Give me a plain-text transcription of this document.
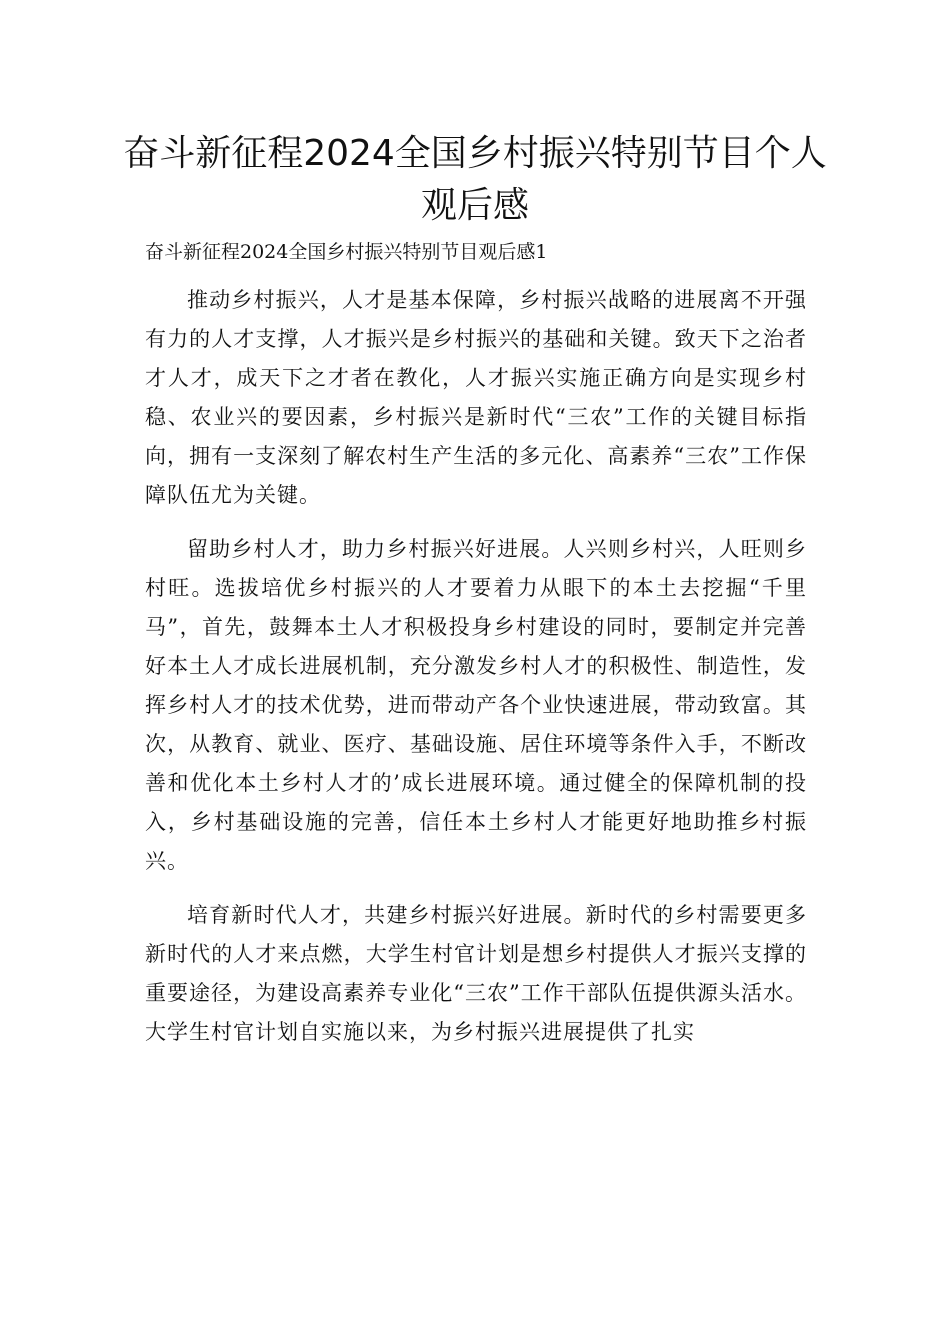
奋斗新征程2024全国乡村振兴特别节目个人观后感
奋斗新征程2024全国乡村振兴特别节目观后感1

推动乡村振兴，人才是基本保障，乡村振兴战略的进展离不开强有力的人才支撑，人才振兴是乡村振兴的基础和关键。致天下之治者才人才，成天下之才者在教化，人才振兴实施正确方向是实现乡村稳、农业兴的要因素，乡村振兴是新时代“三农”工作的关键目标指向，拥有一支深刻了解农村生产生活的多元化、高素养“三农”工作保障队伍尤为关键。

留助乡村人才，助力乡村振兴好进展。人兴则乡村兴，人旺则乡村旺。选拔培优乡村振兴的人才要着力从眼下的本土去挖掘“千里马”，首先，鼓舞本土人才积极投身乡村建设的同时，要制定并完善好本土人才成长进展机制，充分激发乡村人才的积极性、制造性，发挥乡村人才的技术优势，进而带动产各个业快速进展，带动致富。其次，从教育、就业、医疗、基础设施、居住环境等条件入手，不断改善和优化本土乡村人才的’成长进展环境。通过健全的保障机制的投入，乡村基础设施的完善，信任本土乡村人才能更好地助推乡村振兴。

培育新时代人才，共建乡村振兴好进展。新时代的乡村需要更多新时代的人才来点燃，大学生村官计划是想乡村提供人才振兴支撑的重要途径，为建设高素养专业化“三农”工作干部队伍提供源头活水。大学生村官计划自实施以来，为乡村振兴进展提供了扎实
